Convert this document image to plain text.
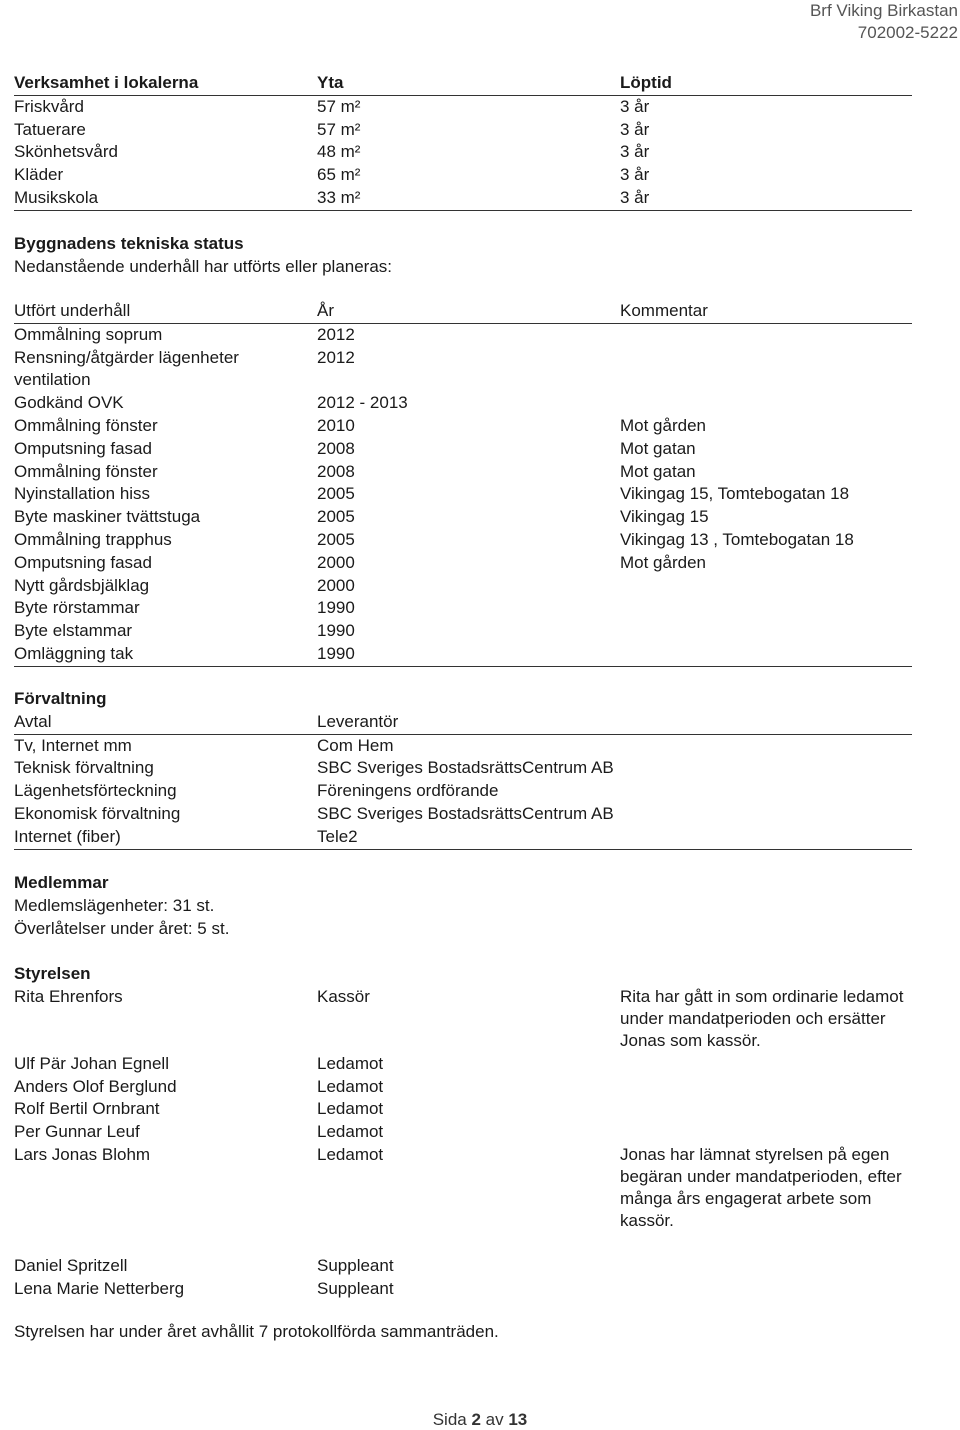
Brf Viking Birkastan
702002-5222
Verksamhet i lokalerna	Yta	Löptid
Friskvård	57 m²	3 år
Tatuerare	57 m²	3 år
Skönhetsvård	48 m²	3 år
Kläder	65 m²	3 år
Musikskola	33 m²	3 år
Byggnadens tekniska status
Nedanstående underhåll har utförts eller planeras:
Utfört underhåll	År	Kommentar
Ommålning soprum	2012
Rensning/åtgärder lägenheter	2012
ventilation
Godkänd OVK	2012 - 2013
Ommålning fönster	2010	Mot gården
Omputsning fasad	2008	Mot gatan
Ommålning fönster	2008	Mot gatan
Nyinstallation hiss	2005	Vikingag 15, Tomtebogatan 18
Byte maskiner tvättstuga	2005	Vikingag 15
Ommålning trapphus	2005	Vikingag 13 , Tomtebogatan 18
Omputsning fasad	2000	Mot gården
Nytt gårdsbjälklag	2000
Byte rörstammar	1990
Byte elstammar	1990
Omläggning tak	1990
Förvaltning
Avtal	Leverantör
Tv, Internet mm	Com Hem
Teknisk förvaltning	SBC Sveriges BostadsrättsCentrum AB
Lägenhetsförteckning	Föreningens ordförande
Ekonomisk förvaltning	SBC Sveriges BostadsrättsCentrum AB
Internet (fiber)	Tele2
Medlemmar
Medlemslägenheter: 31 st.
Överlåtelser under året: 5 st.
Styrelsen
Rita Ehrenfors	Kassör	Rita har gått in som ordinarie ledamot under mandatperioden och ersätter Jonas som kassör.
Ulf Pär Johan Egnell	Ledamot
Anders Olof Berglund	Ledamot
Rolf Bertil Ornbrant	Ledamot
Per Gunnar Leuf	Ledamot
Lars Jonas Blohm	Ledamot	Jonas har lämnat styrelsen på egen begäran under mandatperioden, efter många års engagerat arbete som kassör.
Daniel Spritzell	Suppleant
Lena Marie Netterberg	Suppleant
Styrelsen har under året avhållit 7 protokollförda sammanträden.
Sida 2 av 13
